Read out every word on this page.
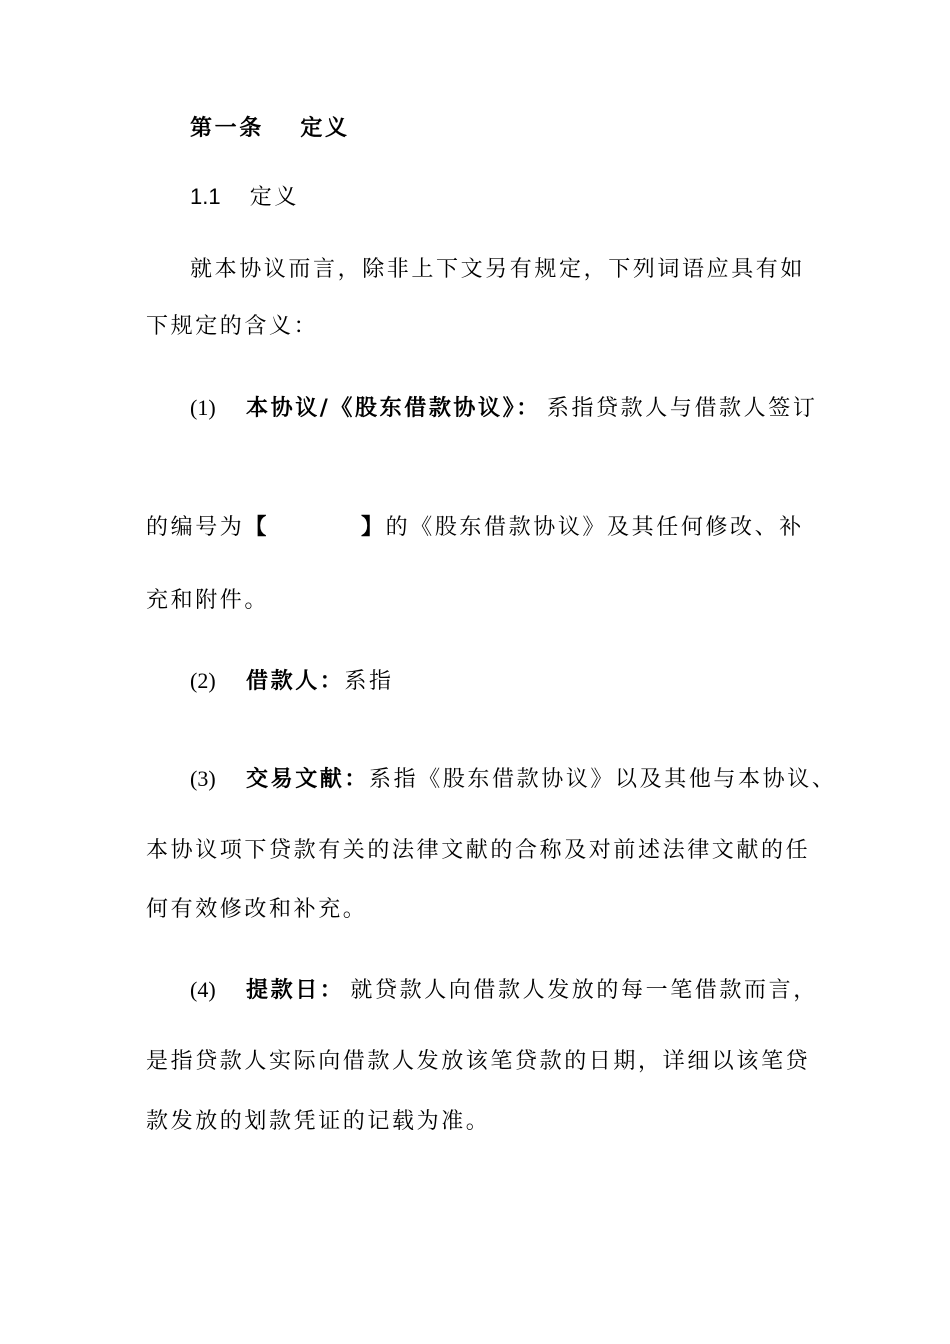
第一条 定义
1.1 定义
就本协议而言，除非上下文另有规定，下列词语应具有如
下规定的含义：
(1) 本协议/《股东借款协议》： 系指贷款人与借款人签订
的编号为【	】的《股东借款协议》及其任何修改、补
充和附件。
(2) 借款人：系指
(3) 交易文献：系指《股东借款协议》以及其他与本协议、
本协议项下贷款有关的法律文献的合称及对前述法律文献的任
何有效修改和补充。
(4) 提款日： 就贷款人向借款人发放的每一笔借款而言，
是指贷款人实际向借款人发放该笔贷款的日期，详细以该笔贷
款发放的划款凭证的记载为准。
